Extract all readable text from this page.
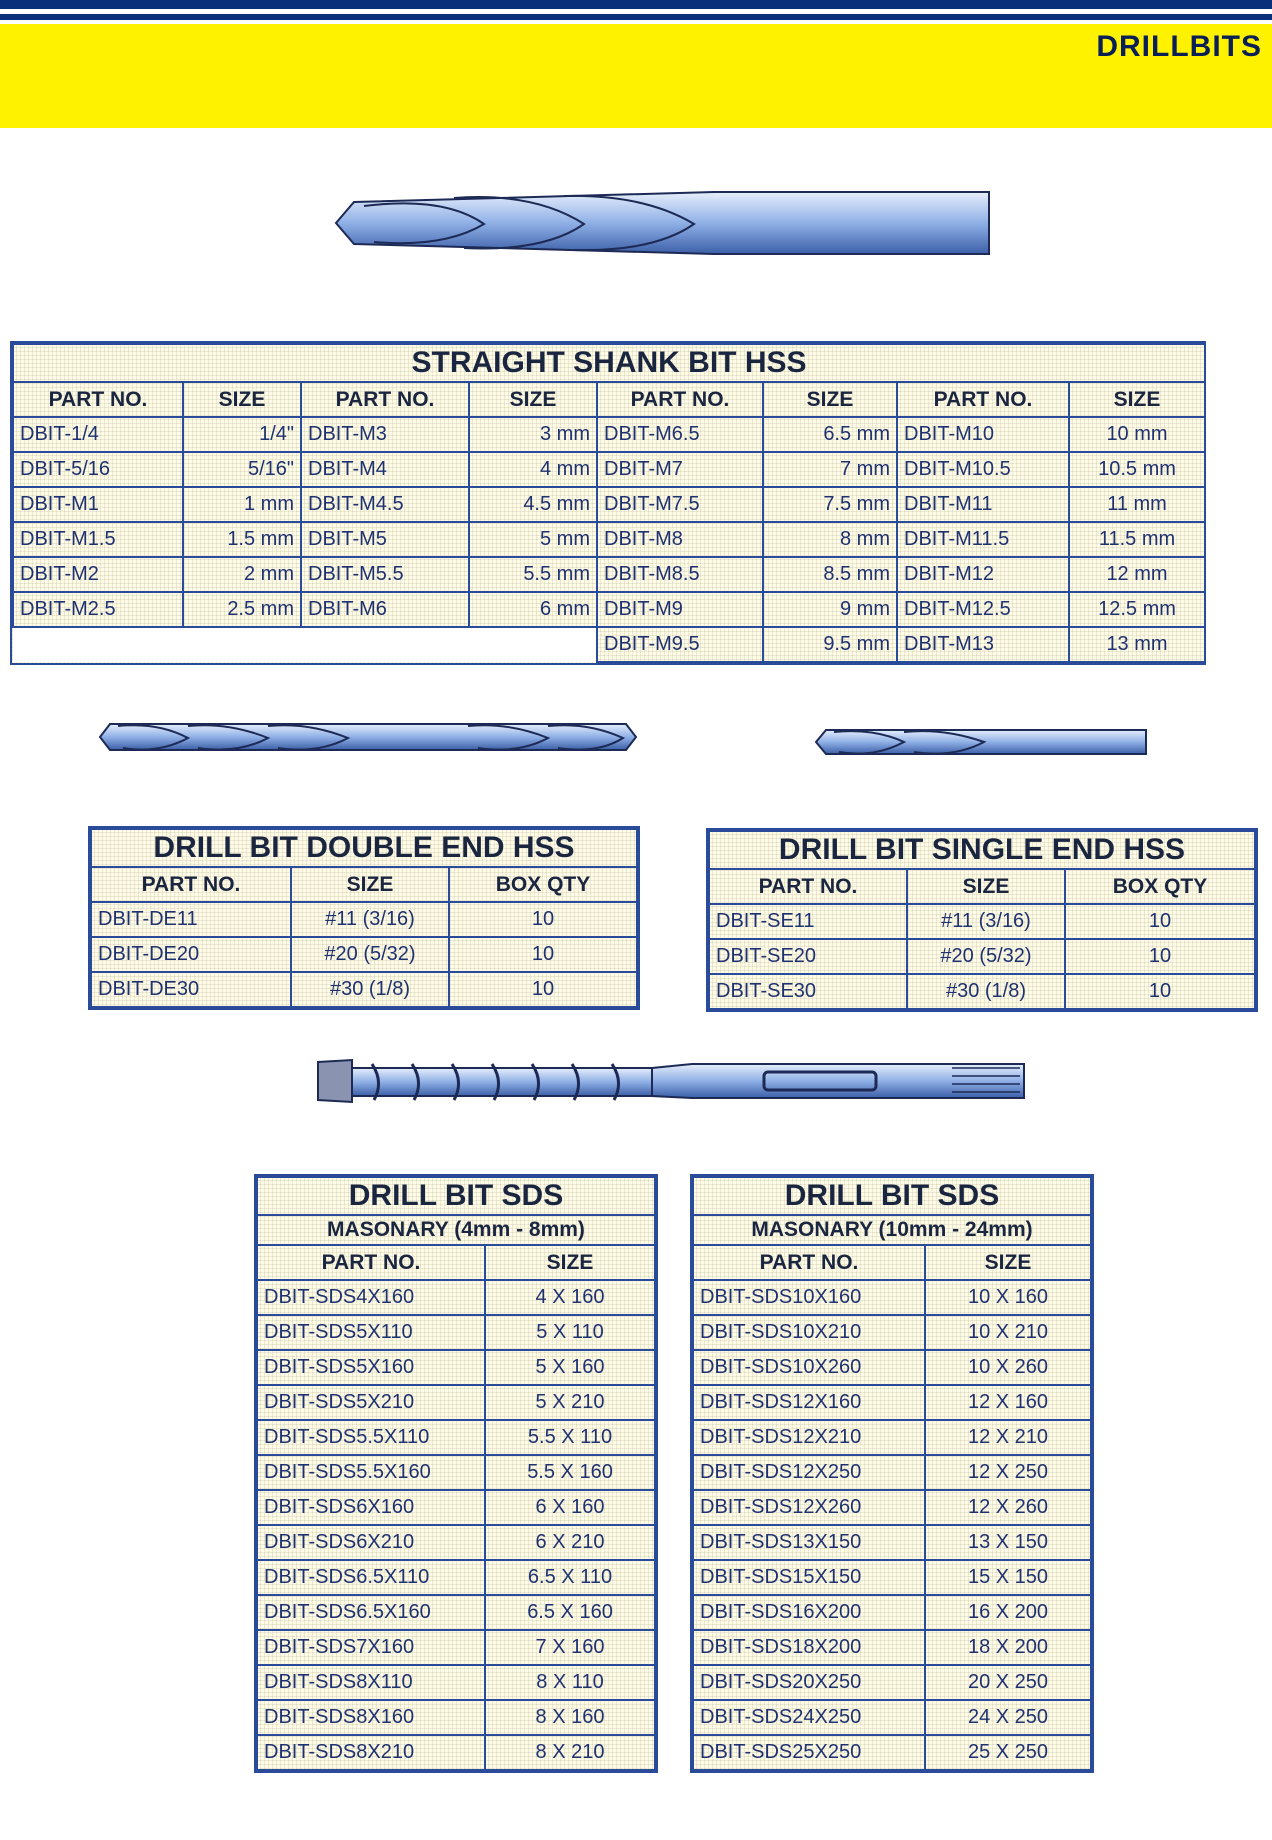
DRILLBITS
STRAIGHT SHANK BIT HSS							
PART NO.	SIZE	PART NO.	SIZE	PART NO.	SIZE	PART NO.	SIZE
DBIT-1/4	1/4"	DBIT-M3	3 mm	DBIT-M6.5	6.5 mm	DBIT-M10	10 mm
DBIT-5/16	5/16"	DBIT-M4	4 mm	DBIT-M7	7 mm	DBIT-M10.5	10.5 mm
DBIT-M1	1 mm	DBIT-M4.5	4.5 mm	DBIT-M7.5	7.5 mm	DBIT-M11	11 mm
DBIT-M1.5	1.5 mm	DBIT-M5	5 mm	DBIT-M8	8 mm	DBIT-M11.5	11.5 mm
DBIT-M2	2 mm	DBIT-M5.5	5.5 mm	DBIT-M8.5	8.5 mm	DBIT-M12	12 mm
DBIT-M2.5	2.5 mm	DBIT-M6	6 mm	DBIT-M9	9 mm	DBIT-M12.5	12.5 mm
				DBIT-M9.5	9.5 mm	DBIT-M13	13 mm
DRILL BIT DOUBLE END HSS		
PART NO.	SIZE	BOX QTY
DBIT-DE11	#11 (3/16)	10
DBIT-DE20	#20 (5/32)	10
DBIT-DE30	#30 (1/8)	10
DRILL BIT SINGLE END HSS		
PART NO.	SIZE	BOX QTY
DBIT-SE11	#11 (3/16)	10
DBIT-SE20	#20 (5/32)	10
DBIT-SE30	#30 (1/8)	10
DRILL BIT SDS	
MASONARY (4mm - 8mm)	
PART NO.	SIZE
DBIT-SDS4X160	4 X 160
DBIT-SDS5X110	5 X 110
DBIT-SDS5X160	5 X 160
DBIT-SDS5X210	5 X 210
DBIT-SDS5.5X110	5.5 X 110
DBIT-SDS5.5X160	5.5 X 160
DBIT-SDS6X160	6 X 160
DBIT-SDS6X210	6 X 210
DBIT-SDS6.5X110	6.5 X 110
DBIT-SDS6.5X160	6.5 X 160
DBIT-SDS7X160	7 X 160
DBIT-SDS8X110	8 X 110
DBIT-SDS8X160	8 X 160
DBIT-SDS8X210	8 X 210
DRILL BIT SDS	
MASONARY (10mm - 24mm)	
PART NO.	SIZE
DBIT-SDS10X160	10 X 160
DBIT-SDS10X210	10 X 210
DBIT-SDS10X260	10 X 260
DBIT-SDS12X160	12 X 160
DBIT-SDS12X210	12 X 210
DBIT-SDS12X250	12 X 250
DBIT-SDS12X260	12 X 260
DBIT-SDS13X150	13 X 150
DBIT-SDS15X150	15 X 150
DBIT-SDS16X200	16 X 200
DBIT-SDS18X200	18 X 200
DBIT-SDS20X250	20 X 250
DBIT-SDS24X250	24 X 250
DBIT-SDS25X250	25 X 250
